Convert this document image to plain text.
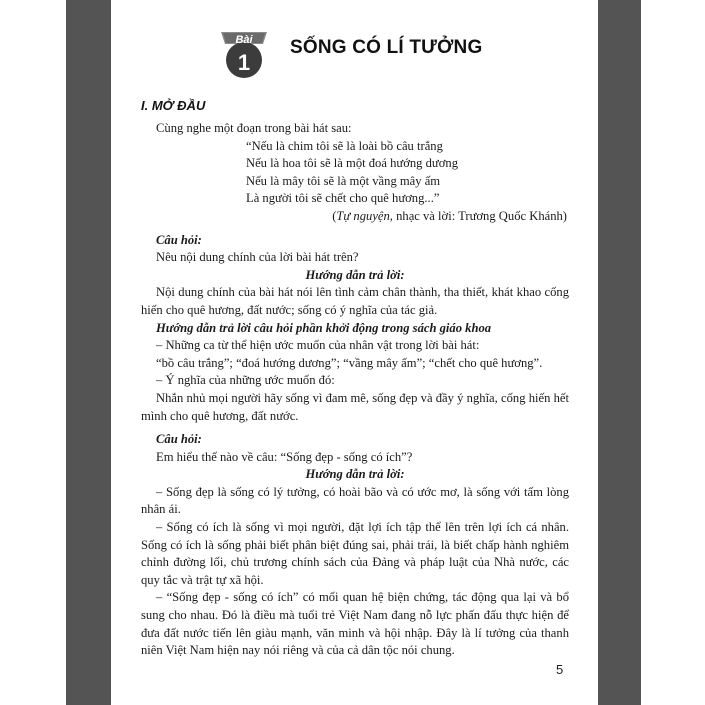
Bài
1
SỐNG CÓ LÍ TƯỞNG
I. MỞ ĐẦU

Cùng nghe một đoạn trong bài hát sau:

“Nếu là chim tôi sẽ là loài bồ câu trắng

Nếu là hoa tôi sẽ là một đoá hướng dương

Nếu là mây tôi sẽ là một vầng mây ấm

Là người tôi sẽ chết cho quê hương...”

(Tự nguyện, nhạc và lời: Trương Quốc Khánh)

Câu hỏi:

Nêu nội dung chính của lời bài hát trên?

Hướng dẫn trả lời:

Nội dung chính của bài hát nói lên tình cảm chân thành, tha thiết, khát khao cống hiến cho quê hương, đất nước; sống có ý nghĩa của tác giả.

Hướng dẫn trả lời câu hỏi phần khởi động trong sách giáo khoa

– Những ca từ thể hiện ước muốn của nhân vật trong lời bài hát:

“bồ câu trắng”; “đoá hướng dương”; “vầng mây ấm”; “chết cho quê hương”.

– Ý nghĩa của những ước muốn đó:

Nhắn nhủ mọi người hãy sống vì đam mê, sống đẹp và đầy ý nghĩa, cống hiến hết mình cho quê hương, đất nước.

Câu hỏi:

Em hiểu thế nào về câu: “Sống đẹp - sống có ích”?

Hướng dẫn trả lời:

– Sống đẹp là sống có lý tưởng, có hoài bão và có ước mơ, là sống với tấm lòng nhân ái.

– Sống có ích là sống vì mọi người, đặt lợi ích tập thể lên trên lợi ích cá nhân. Sống có ích là sống phải biết phân biệt đúng sai, phải trái, là biết chấp hành nghiêm chỉnh đường lối, chủ trương chính sách của Đảng và pháp luật của Nhà nước, các quy tắc và trật tự xã hội.

– “Sống đẹp - sống có ích” có mối quan hệ biện chứng, tác động qua lại và bổ sung cho nhau. Đó là điều mà tuổi trẻ Việt Nam đang nỗ lực phấn đấu thực hiện để đưa đất nước tiến lên giàu mạnh, văn minh và hội nhập. Đây là lí tưởng của thanh niên Việt Nam hiện nay nói riêng và của cả dân tộc nói chung.

5
